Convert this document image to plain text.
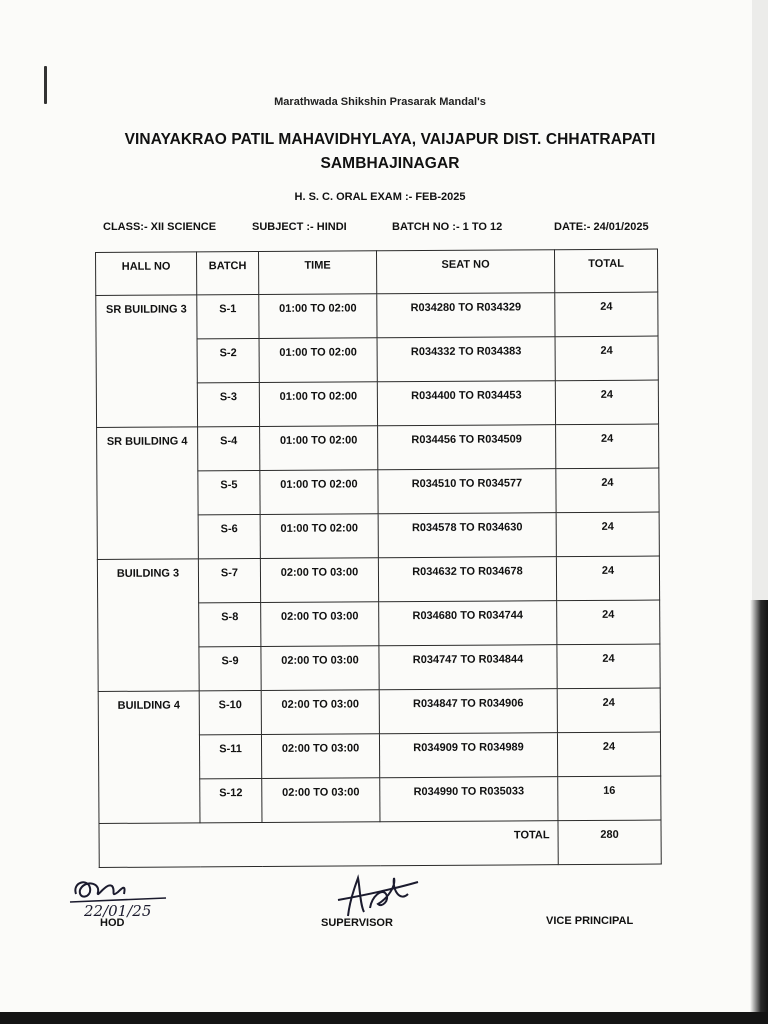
Marathwada Shikshin Prasarak Mandal's
VINAYAKRAO PATIL MAHAVIDHYLAYA, VAIJAPUR DIST. CHHATRAPATI
SAMBHAJINAGAR
H. S. C. ORAL EXAM :- FEB-2025
CLASS:- XII SCIENCE	SUBJECT :- HINDI	BATCH NO :- 1 TO 12	DATE:- 24/01/2025
HALL NO	BATCH	TIME	SEAT NO	TOTAL
SR BUILDING 3	S-1	01:00 TO 02:00	R034280 TO R034329	24
	S-2	01:00 TO 02:00	R034332 TO R034383	24
	S-3	01:00 TO 02:00	R034400 TO R034453	24
SR BUILDING 4	S-4	01:00 TO 02:00	R034456 TO R034509	24
	S-5	01:00 TO 02:00	R034510 TO R034577	24
	S-6	01:00 TO 02:00	R034578 TO R034630	24
BUILDING 3	S-7	02:00 TO 03:00	R034632 TO R034678	24
	S-8	02:00 TO 03:00	R034680 TO R034744	24
	S-9	02:00 TO 03:00	R034747 TO R034844	24
BUILDING 4	S-10	02:00 TO 03:00	R034847 TO R034906	24
	S-11	02:00 TO 03:00	R034909 TO R034989	24
	S-12	02:00 TO 03:00	R034990 TO R035033	16
TOTAL				280
22/01/25
HOD	SUPERVISOR	VICE PRINCIPAL
